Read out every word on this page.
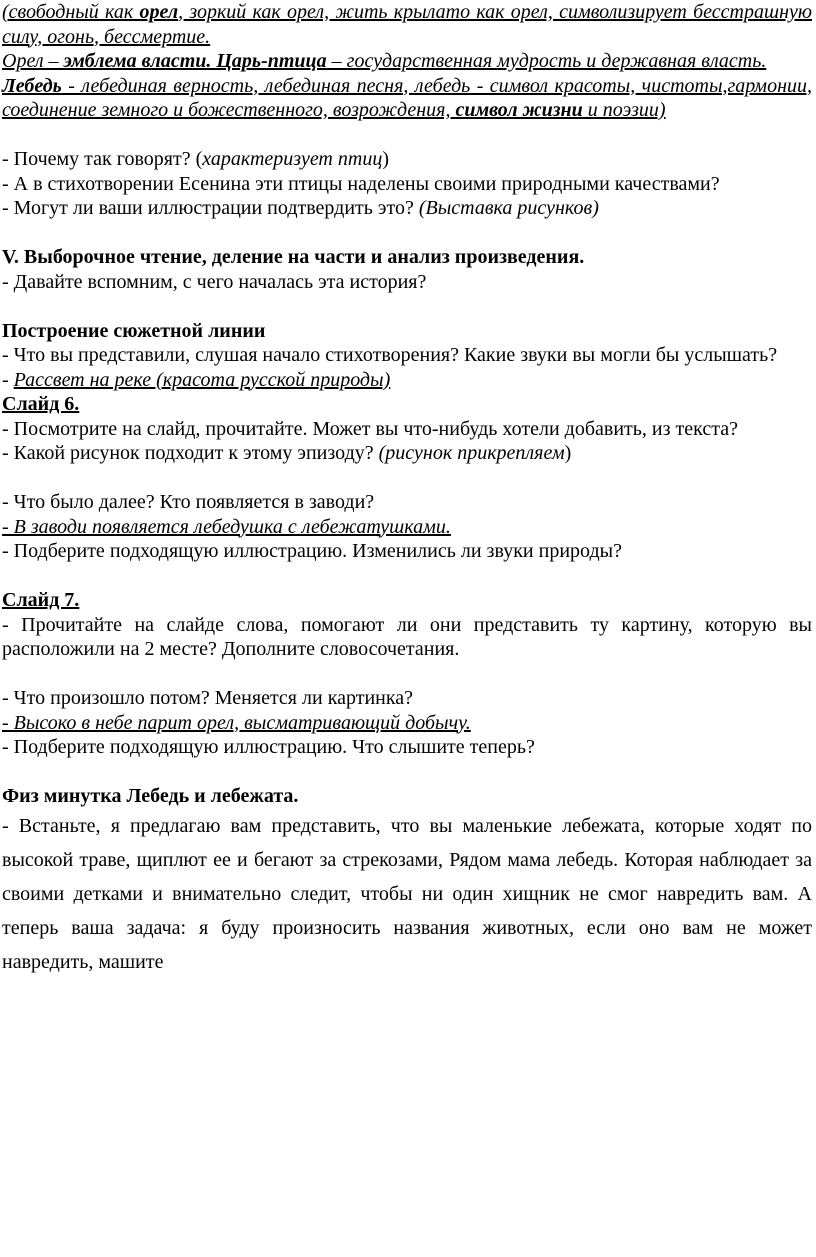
(свободный как орел, зоркий как орел, жить крылато как орел, символизирует бесстрашную силу, огонь, бессмертие.

Орел – эмблема власти. Царь-птица – государственная мудрость и державная власть.

Лебедь - лебединая верность, лебединая песня, лебедь - символ красоты, чистоты,гармонии, соединение земного и божественного, возрождения, символ жизни и поэзии)

- Почему так говорят? (характеризует птиц)

- А в стихотворении Есенина эти птицы наделены своими природными качествами?

- Могут ли ваши иллюстрации подтвердить это? (Выставка рисунков)

V. Выборочное чтение, деление на части и анализ произведения.

- Давайте вспомним, с чего началась эта история?

Построение сюжетной линии

- Что вы представили, слушая начало стихотворения? Какие звуки вы могли бы услышать?

- Рассвет на реке (красота русской природы)

Слайд 6.

- Посмотрите на слайд, прочитайте. Может вы что-нибудь хотели добавить, из текста?

- Какой рисунок подходит к этому эпизоду? (рисунок прикрепляем)

- Что было далее? Кто появляется в заводи?

- В заводи появляется лебедушка с лебежатушками.

- Подберите подходящую иллюстрацию. Изменились ли звуки природы?

Слайд 7.

- Прочитайте на слайде слова, помогают ли они представить ту картину, которую вы расположили на 2 месте? Дополните словосочетания.

- Что произошло потом? Меняется ли картинка?

- Высоко в небе парит орел, высматривающий добычу.

- Подберите подходящую иллюстрацию. Что слышите теперь?

Физ минутка Лебедь и лебежата.

- Встаньте, я предлагаю вам представить, что вы маленькие лебежата, которые ходят по высокой траве, щиплют ее и бегают за стрекозами, Рядом мама лебедь. Которая наблюдает за своими детками и внимательно следит, чтобы ни один хищник не смог навредить вам. А теперь ваша задача: я буду произносить названия животных, если оно вам не может навредить, машите
